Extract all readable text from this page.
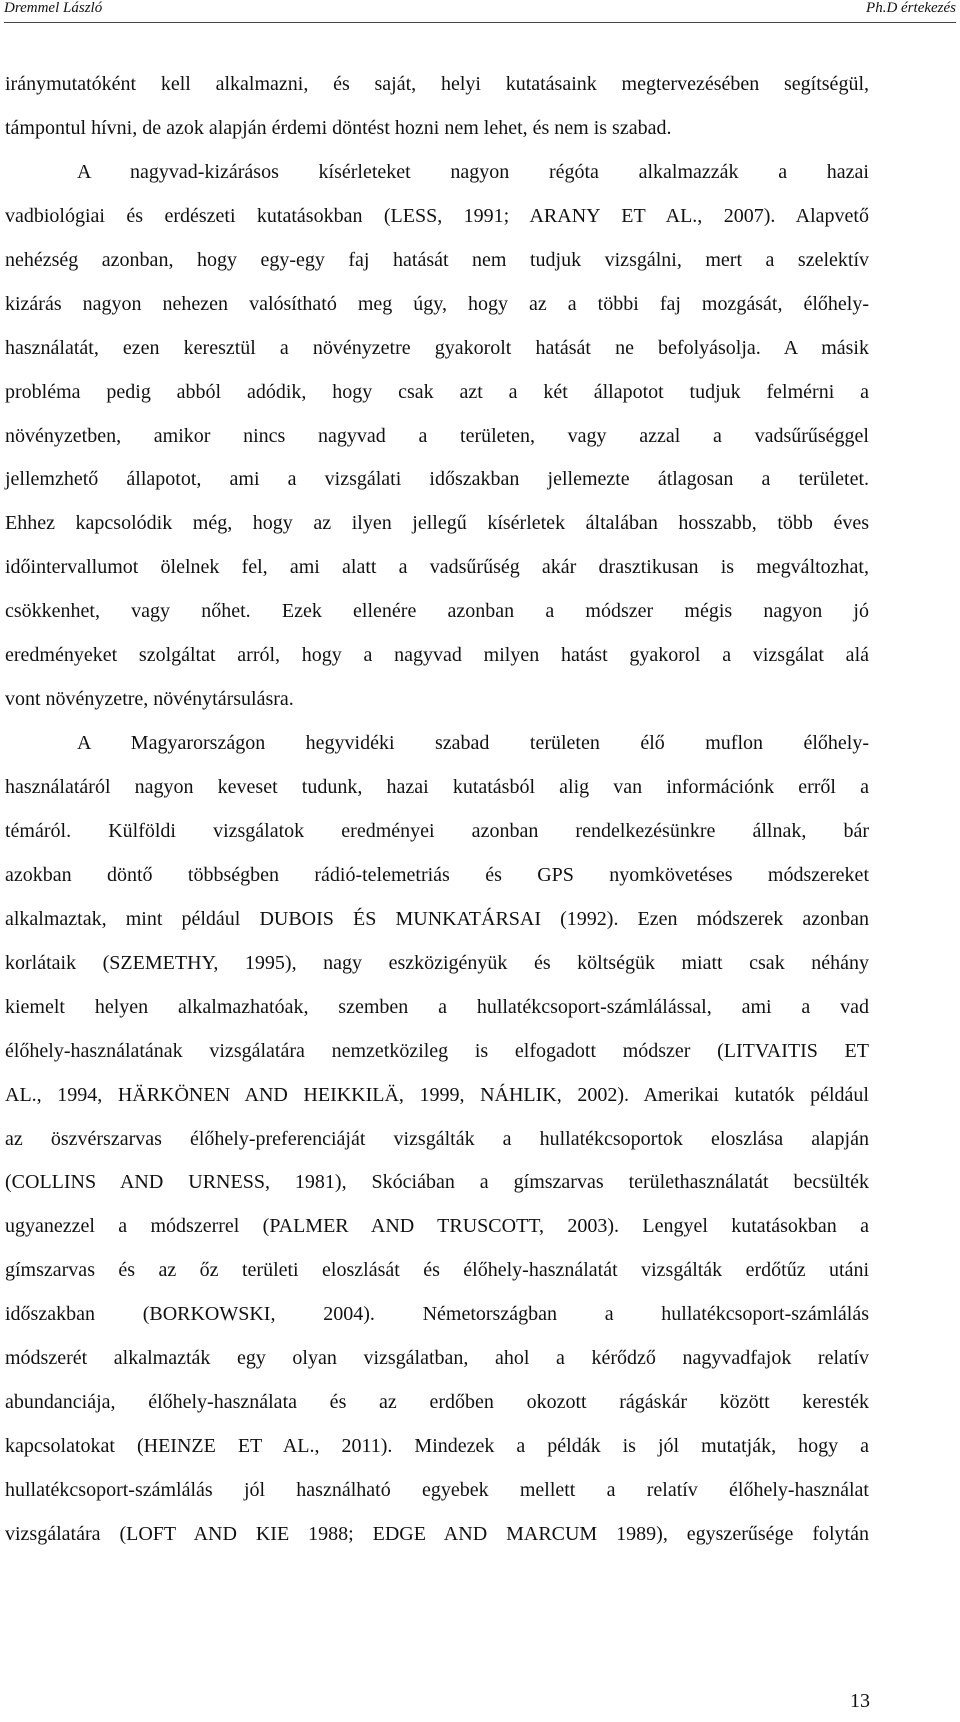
Dremmel László	Ph.D értekezés
iránymutatóként kell alkalmazni, és saját, helyi kutatásaink megtervezésében segítségül,
támpontul hívni, de azok alapján érdemi döntést hozni nem lehet, és nem is szabad.
A nagyvad-kizárásos kísérleteket nagyon régóta alkalmazzák a hazai
vadbiológiai és erdészeti kutatásokban (LESS, 1991; ARANY ET AL., 2007). Alapvető
nehézség azonban, hogy egy-egy faj hatását nem tudjuk vizsgálni, mert a szelektív
kizárás nagyon nehezen valósítható meg úgy, hogy az a többi faj mozgását, élőhely-
használatát, ezen keresztül a növényzetre gyakorolt hatását ne befolyásolja. A másik
probléma pedig abból adódik, hogy csak azt a két állapotot tudjuk felmérni a
növényzetben, amikor nincs nagyvad a területen, vagy azzal a vadsűrűséggel
jellemzhető állapotot, ami a vizsgálati időszakban jellemezte átlagosan a területet.
Ehhez kapcsolódik még, hogy az ilyen jellegű kísérletek általában hosszabb, több éves
időintervallumot ölelnek fel, ami alatt a vadsűrűség akár drasztikusan is megváltozhat,
csökkenhet, vagy nőhet. Ezek ellenére azonban a módszer mégis nagyon jó
eredményeket szolgáltat arról, hogy a nagyvad milyen hatást gyakorol a vizsgálat alá
vont növényzetre, növénytársulásra.
A Magyarországon hegyvidéki szabad területen élő muflon élőhely-
használatáról nagyon keveset tudunk, hazai kutatásból alig van információnk erről a
témáról. Külföldi vizsgálatok eredményei azonban rendelkezésünkre állnak, bár
azokban döntő többségben rádió-telemetriás és GPS nyomkövetéses módszereket
alkalmaztak, mint például DUBOIS ÉS MUNKATÁRSAI (1992). Ezen módszerek azonban
korlátaik (SZEMETHY, 1995), nagy eszközigényük és költségük miatt csak néhány
kiemelt helyen alkalmazhatóak, szemben a hullatékcsoport-számlálással, ami a vad
élőhely-használatának vizsgálatára nemzetközileg is elfogadott módszer (LITVAITIS ET
AL., 1994, HÄRKÖNEN AND HEIKKILÄ, 1999, NÁHLIK, 2002). Amerikai kutatók például
az öszvérszarvas élőhely-preferenciáját vizsgálták a hullatékcsoportok eloszlása alapján
(COLLINS AND URNESS, 1981), Skóciában a gímszarvas területhasználatát becsülték
ugyanezzel a módszerrel (PALMER AND TRUSCOTT, 2003). Lengyel kutatásokban a
gímszarvas és az őz területi eloszlását és élőhely-használatát vizsgálták erdőtűz utáni
időszakban (BORKOWSKI, 2004). Németországban a hullatékcsoport-számlálás
módszerét alkalmazták egy olyan vizsgálatban, ahol a kérődző nagyvadfajok relatív
abundanciája, élőhely-használata és az erdőben okozott rágáskár között keresték
kapcsolatokat (HEINZE ET AL., 2011). Mindezek a példák is jól mutatják, hogy a
hullatékcsoport-számlálás jól használható egyebek mellett a relatív élőhely-használat
vizsgálatára (LOFT AND KIE 1988; EDGE AND MARCUM 1989), egyszerűsége folytán
13
